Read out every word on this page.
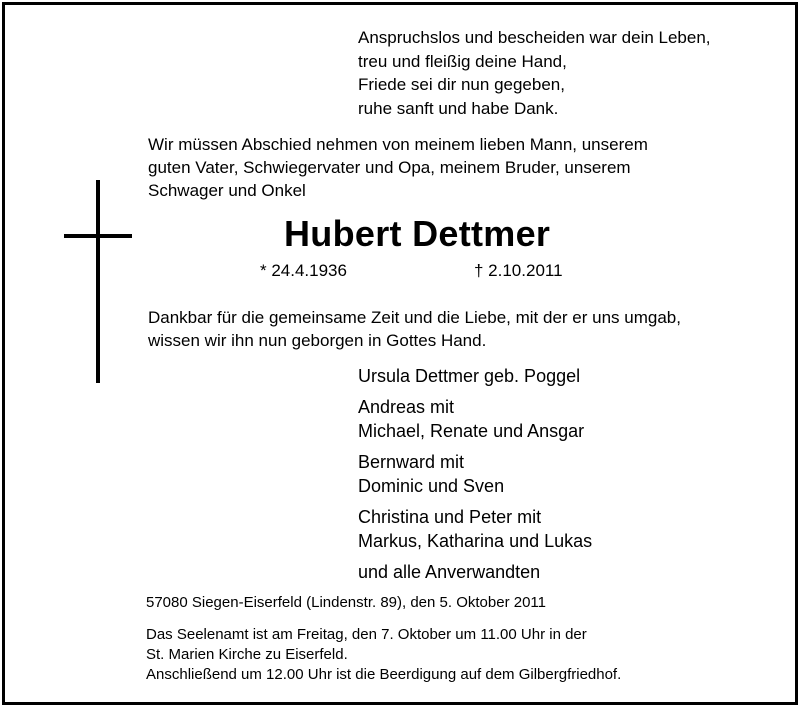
Anspruchslos und bescheiden war dein Leben,
treu und fleißig deine Hand,
Friede sei dir nun gegeben,
ruhe sanft und habe Dank.
Wir müssen Abschied nehmen von meinem lieben Mann, unserem
guten Vater, Schwiegervater und Opa, meinem Bruder, unserem
Schwager und Onkel
Hubert Dettmer
* 24.4.1936	† 2.10.2011
Dankbar für die gemeinsame Zeit und die Liebe, mit der er uns umgab,
wissen wir ihn nun geborgen in Gottes Hand.
Ursula Dettmer geb. Poggel
Andreas mit
Michael, Renate und Ansgar
Bernward mit
Dominic und Sven
Christina und Peter mit
Markus, Katharina und Lukas
und alle Anverwandten
57080 Siegen-Eiserfeld (Lindenstr. 89), den 5. Oktober 2011
Das Seelenamt ist am Freitag, den 7. Oktober um 11.00 Uhr in der
St. Marien Kirche zu Eiserfeld.
Anschließend um 12.00 Uhr ist die Beerdigung auf dem Gilbergfriedhof.
